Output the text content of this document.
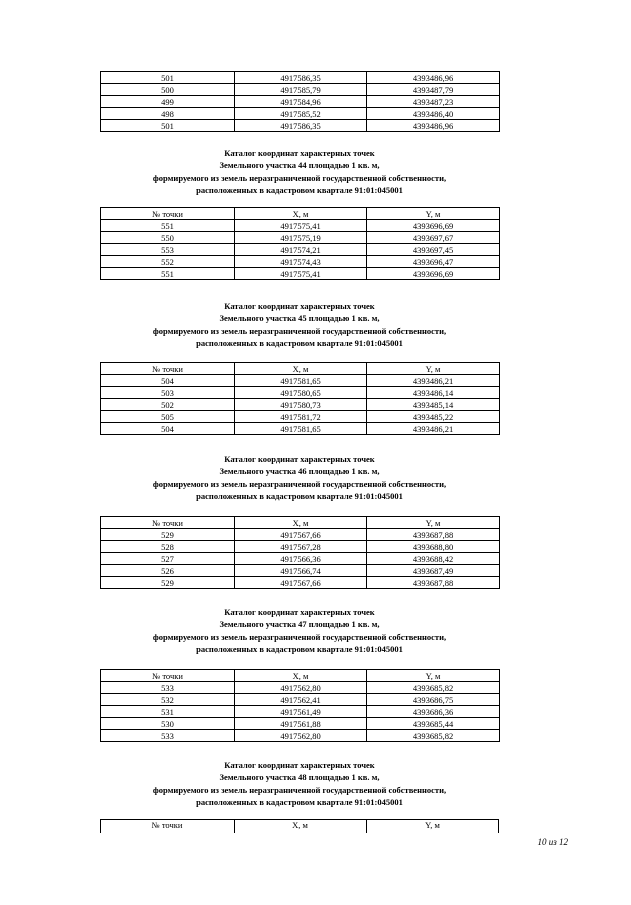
501	4917586,35	4393486,96
500	4917585,79	4393487,79
499	4917584,96	4393487,23
498	4917585,52	4393486,40
501	4917586,35	4393486,96
Каталог координат характерных точек
Земельного участка 44 площадью 1 кв. м,
формируемого из земель неразграниченной государственной собственности,
расположенных в кадастровом квартале 91:01:045001
№ точки	X, м	Y, м
551	4917575,41	4393696,69
550	4917575,19	4393697,67
553	4917574,21	4393697,45
552	4917574,43	4393696,47
551	4917575,41	4393696,69
Каталог координат характерных точек
Земельного участка 45 площадью 1 кв. м,
формируемого из земель неразграниченной государственной собственности,
расположенных в кадастровом квартале 91:01:045001
№ точки	X, м	Y, м
504	4917581,65	4393486,21
503	4917580,65	4393486,14
502	4917580,73	4393485,14
505	4917581,72	4393485,22
504	4917581,65	4393486,21
Каталог координат характерных точек
Земельного участка 46 площадью 1 кв. м,
формируемого из земель неразграниченной государственной собственности,
расположенных в кадастровом квартале 91:01:045001
№ точки	X, м	Y, м
529	4917567,66	4393687,88
528	4917567,28	4393688,80
527	4917566,36	4393688,42
526	4917566,74	4393687,49
529	4917567,66	4393687,88
Каталог координат характерных точек
Земельного участка 47 площадью 1 кв. м,
формируемого из земель неразграниченной государственной собственности,
расположенных в кадастровом квартале 91:01:045001
№ точки	X, м	Y, м
533	4917562,80	4393685,82
532	4917562,41	4393686,75
531	4917561,49	4393686,36
530	4917561,88	4393685,44
533	4917562,80	4393685,82
Каталог координат характерных точек
Земельного участка 48 площадью 1 кв. м,
формируемого из земель неразграниченной государственной собственности,
расположенных в кадастровом квартале 91:01:045001
№ точки	X, м	Y, м
10 из 12
